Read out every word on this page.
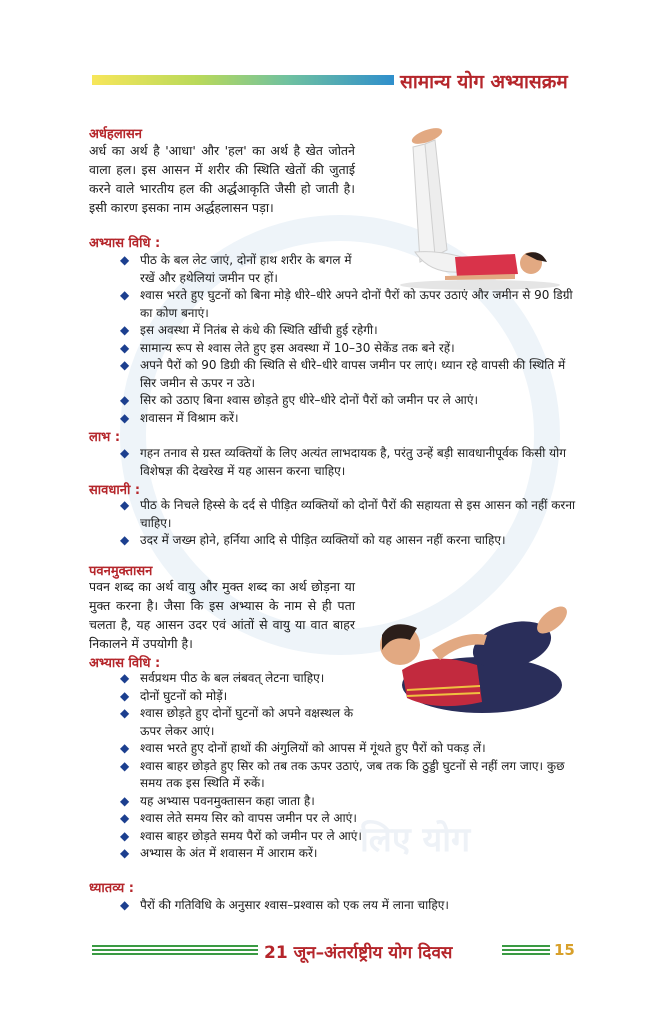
लिए योग
सामान्य योग अभ्यासक्रम
अर्धहलासन
अर्ध का अर्थ है 'आधा' और 'हल' का अर्थ है खेत जोतने वाला हल। इस आसन में शरीर की स्थिति खेतों की जुताई करने वाले भारतीय हल की अर्द्धआकृति जैसी हो जाती है। इसी कारण इसका नाम अर्द्धहलासन पड़ा।
अभ्यास विधि :
◆ पीठ के बल लेट जाएं, दोनों हाथ शरीर के बगल में रखें और हथेलियां जमीन पर हों।
◆ श्वास भरते हुए घुटनों को बिना मोड़े धीरे–धीरे अपने दोनों पैरों को ऊपर उठाएं और जमीन से 90 डिग्री का कोण बनाएं।
◆ इस अवस्था में नितंब से कंधे की स्थिति खींची हुई रहेगी।
◆ सामान्य रूप से श्वास लेते हुए इस अवस्था में 10–30 सेकेंड तक बने रहें।
◆ अपने पैरों को 90 डिग्री की स्थिति से धीरे–धीरे वापस जमीन पर लाएं। ध्यान रहे वापसी की स्थिति में सिर जमीन से ऊपर न उठे।
◆ सिर को उठाए बिना श्वास छोड़ते हुए धीरे–धीरे दोनों पैरों को जमीन पर ले आएं।
◆ शवासन में विश्राम करें।
लाभ :
◆ गहन तनाव से ग्रस्त व्यक्तियों के लिए अत्यंत लाभदायक है, परंतु उन्हें बड़ी सावधानीपूर्वक किसी योग विशेषज्ञ की देखरेख में यह आसन करना चाहिए।
सावधानी :
◆ पीठ के निचले हिस्से के दर्द से पीड़ित व्यक्तियों को दोनों पैरों की सहायता से इस आसन को नहीं करना चाहिए।
◆ उदर में जख्म होने, हर्निया आदि से पीड़ित व्यक्तियों को यह आसन नहीं करना चाहिए।
पवनमुक्तासन
पवन शब्द का अर्थ वायु और मुक्त शब्द का अर्थ छोड़ना या मुक्त करना है। जैसा कि इस अभ्यास के नाम से ही पता चलता है, यह आसन उदर एवं आंतों से वायु या वात बाहर निकालने में उपयोगी है।
अभ्यास विधि :
◆ सर्वप्रथम पीठ के बल लंबवत् लेटना चाहिए।
◆ दोनों घुटनों को मोड़ें।
◆ श्वास छोड़ते हुए दोनों घुटनों को अपने वक्षस्थल के ऊपर लेकर आएं।
◆ श्वास भरते हुए दोनों हाथों की अंगुलियों को आपस में गूंथते हुए पैरों को पकड़ लें।
◆ श्वास बाहर छोड़ते हुए सिर को तब तक ऊपर उठाएं, जब तक कि ठुड्डी घुटनों से नहीं लग जाए। कुछ समय तक इस स्थिति में रुकें।
◆ यह अभ्यास पवनमुक्तासन कहा जाता है।
◆ श्वास लेते समय सिर को वापस जमीन पर ले आएं।
◆ श्वास बाहर छोड़ते समय पैरों को जमीन पर ले आएं।
◆ अभ्यास के अंत में शवासन में आराम करें।
ध्यातव्य :
◆ पैरों की गतिविधि के अनुसार श्वास–प्रश्वास को एक लय में लाना चाहिए।
21 जून–अंतर्राष्ट्रीय योग दिवस	15
